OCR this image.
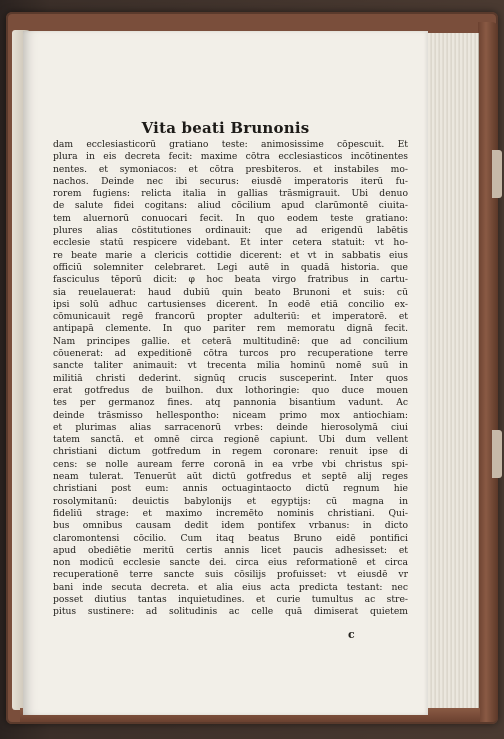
Vita beati Brunonis
dam ecclesiasticorū gratiano teste: animosissime cōpescuit. Et
plura in eis decreta fecit: maxime cōtra ecclesiasticos incōtinentes
nentes. et symoniacos: et cōtra presbiteros. et instabiles mo-
nachos. Deinde nec ibi securus: eiusdē imperatoris iterū fu-
rorem fugiens: relicta italia in gallias trāsmigrauit. Ubi denuo
de salute fidei cogitans: aliud cōcilium apud clarūmontē ciuita-
tem aluernorū conuocari fecit. In quo eodem teste gratiano:
plures alias cōstitutiones ordinauit: que ad erigendū labētis
ecclesie statū respicere videbant. Et inter cetera statuit: vt ho-
re beate marie a clericis cottidie dicerent: et vt in sabbatis eius
officiū solemniter celebraret. Legi autē in quadā historia. que
fasciculus tēporū dicit: φ hoc beata virgo fratribus in cartu-
sia reuelauerat: haud dubiū quin beato Brunoni et suis: cū
ipsi solū adhuc cartusienses dicerent. In eodē etiā concilio ex-
cōmunicauit regē francorū propter adulteriū: et imperatorē. et
antipapā clemente. In quo pariter rem memoratu dignā fecit.
Nam principes gallie. et ceterā multitudinē: que ad concilium
cōuenerat: ad expeditionē cōtra turcos pro recuperatione terre
sancte taliter animauit: vt trecenta milia hominū nomē suū in
militiā christi dederint. signūq crucis susceperint. Inter quos
erat gotfredus de builhon. dux lothoringie: quo duce mouen
tes per germanoz fines. atq pannonia bisantium vadunt. Ac
deinde trāsmisso hellespontho: niceam primo mox antiochiam:
et plurimas alias sarracenorū vrbes: deinde hierosolymā ciui
tatem sanctā. et omnē circa regionē capiunt. Ubi dum vellent
christiani dictum gotfredum in regem coronare: renuit ipse di
cens: se nolle auream ferre coronā in ea vrbe vbi christus spi-
neam tulerat. Tenuerūt aūt dictū gotfredus et septē alij reges
christiani post eum: annis octuagintaocto dictū regnum hie
rosolymitanū: deuictis babylonijs et egyptijs: cū magna in
fideliū strage: et maximo incremēto nominis christiani. Qui-
bus omnibus causam dedit idem pontifex vrbanus: in dicto
claromontensi cōcilio. Cum itaq beatus Bruno eidē pontifici
apud obediētie meritū certis annis licet paucis adhesisset: et
non modicū ecclesie sancte dei. circa eius reformationē et circa
recuperationē terre sancte suis cōsilijs profuisset: vt eiusdē vr
bani inde secuta decreta. et alia eius acta predicta testant: nec
posset diutius tantas inquietudines. et curie tumultus ac stre-
pitus sustinere: ad solitudinis ac celle quā dimiserat quietem
c
